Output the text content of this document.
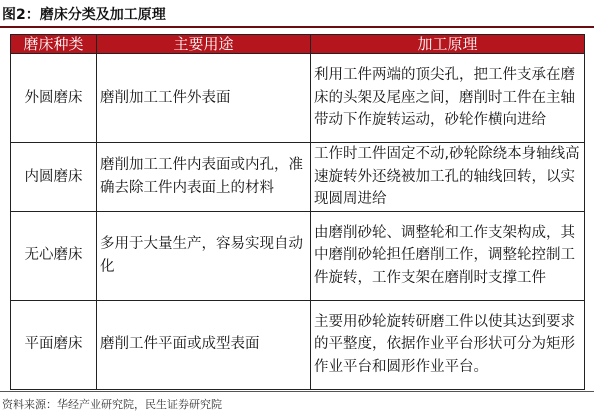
图2：磨床分类及加工原理
磨床种类	主要用途	加工原理
外圆磨床	磨削加工工件外表面	利用工件两端的顶尖孔，把工件支承在磨床的头架及尾座之间，磨削时工件在主轴带动下作旋转运动，砂轮作横向进给
内圆磨床	磨削加工工件内表面或内孔，准确去除工件内表面上的材料	工作时工件固定不动,砂轮除绕本身轴线高速旋转外还绕被加工孔的轴线回转，以实现圆周进给
无心磨床	多用于大量生产，容易实现自动化	由磨削砂轮、调整轮和工作支架构成，其中磨削砂轮担任磨削工作，调整轮控制工件旋转，工作支架在磨削时支撑工件
平面磨床	磨削工件平面或成型表面	主要用砂轮旋转研磨工件以使其达到要求的平整度，依据作业平台形状可分为矩形作业平台和圆形作业平台。
资料来源：华经产业研究院，民生证券研究院
